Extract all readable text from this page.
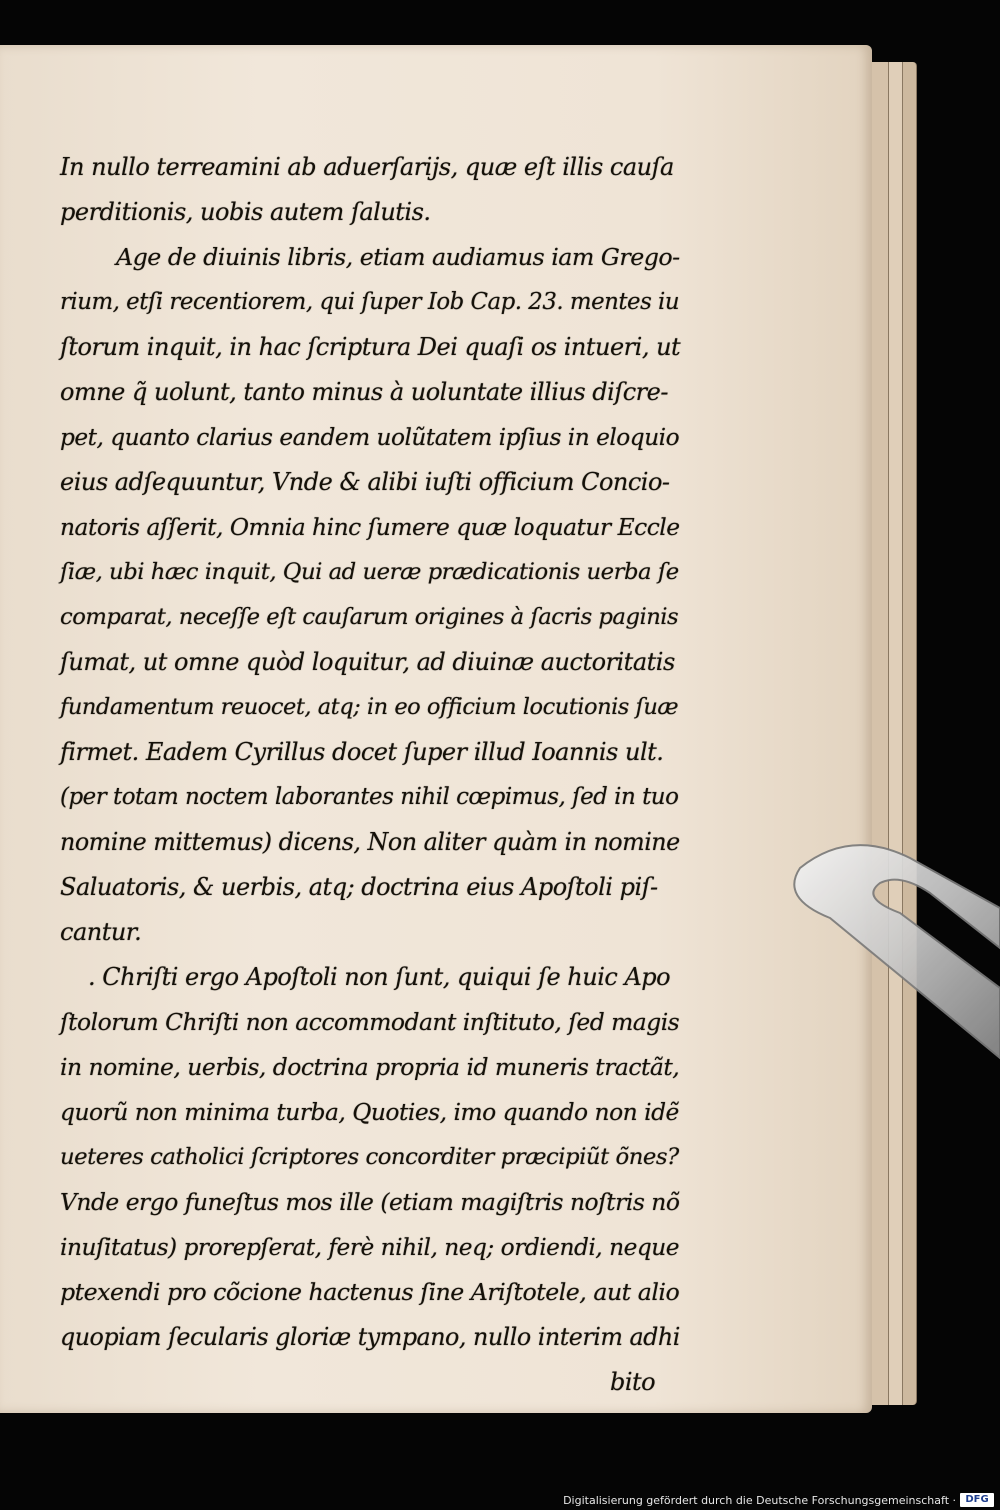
In nullo terreamini ab aduerſarijs, quæ eſt illis cauſa
perditionis, uobis autem ſalutis.
Age de diuinis libris, etiam audiamus iam Grego-
rium, etſi recentiorem, qui ſuper Iob Cap. 23. mentes iu
ſtorum inquit, in hac ſcriptura Dei quaſi os intueri, ut
omne q̃ uolunt, tanto minus à uoluntate illius diſcre-
pet, quanto clarius eandem uolũtatem ipſius in eloquio
eius adſequuntur, Vnde & alibi iuſti officium Concio-
natoris aſſerit, Omnia hinc ſumere quæ loquatur Eccle
ſiæ, ubi hæc inquit, Qui ad ueræ prædicationis uerba ſe
comparat, neceſſe eſt cauſarum origines à ſacris paginis
ſumat, ut omne quòd loquitur, ad diuinæ auctoritatis
fundamentum reuocet, atq; in eo officium locutionis ſuæ
firmet. Eadem Cyrillus docet ſuper illud Ioannis ult.
(per totam noctem laborantes nihil cœpimus, ſed in tuo
nomine mittemus) dicens, Non aliter quàm in nomine
Saluatoris, & uerbis, atq; doctrina eius Apoſtoli piſ-
cantur.
. Chriſti ergo Apoſtoli non ſunt, quiqui ſe huic Apo
ſtolorum Chriſti non accommodant inſtituto, ſed magis
in nomine, uerbis, doctrina propria id muneris tractãt,
quorũ non minima turba, Quoties, imo quando non idẽ
ueteres catholici ſcriptores concorditer præcipiũt õnes?
Vnde ergo funeſtus mos ille (etiam magiſtris noſtris nõ
inuſitatus) prorepſerat, ferè nihil, neq; ordiendi, neque
ptexendi pro cõcione hactenus ſine Ariſtotele, aut alio
quopiam ſecularis gloriæ tympano, nullo interim adhi
bito
Digitalisierung gefördert durch die Deutsche Forschungsgemeinschaft · DFG
